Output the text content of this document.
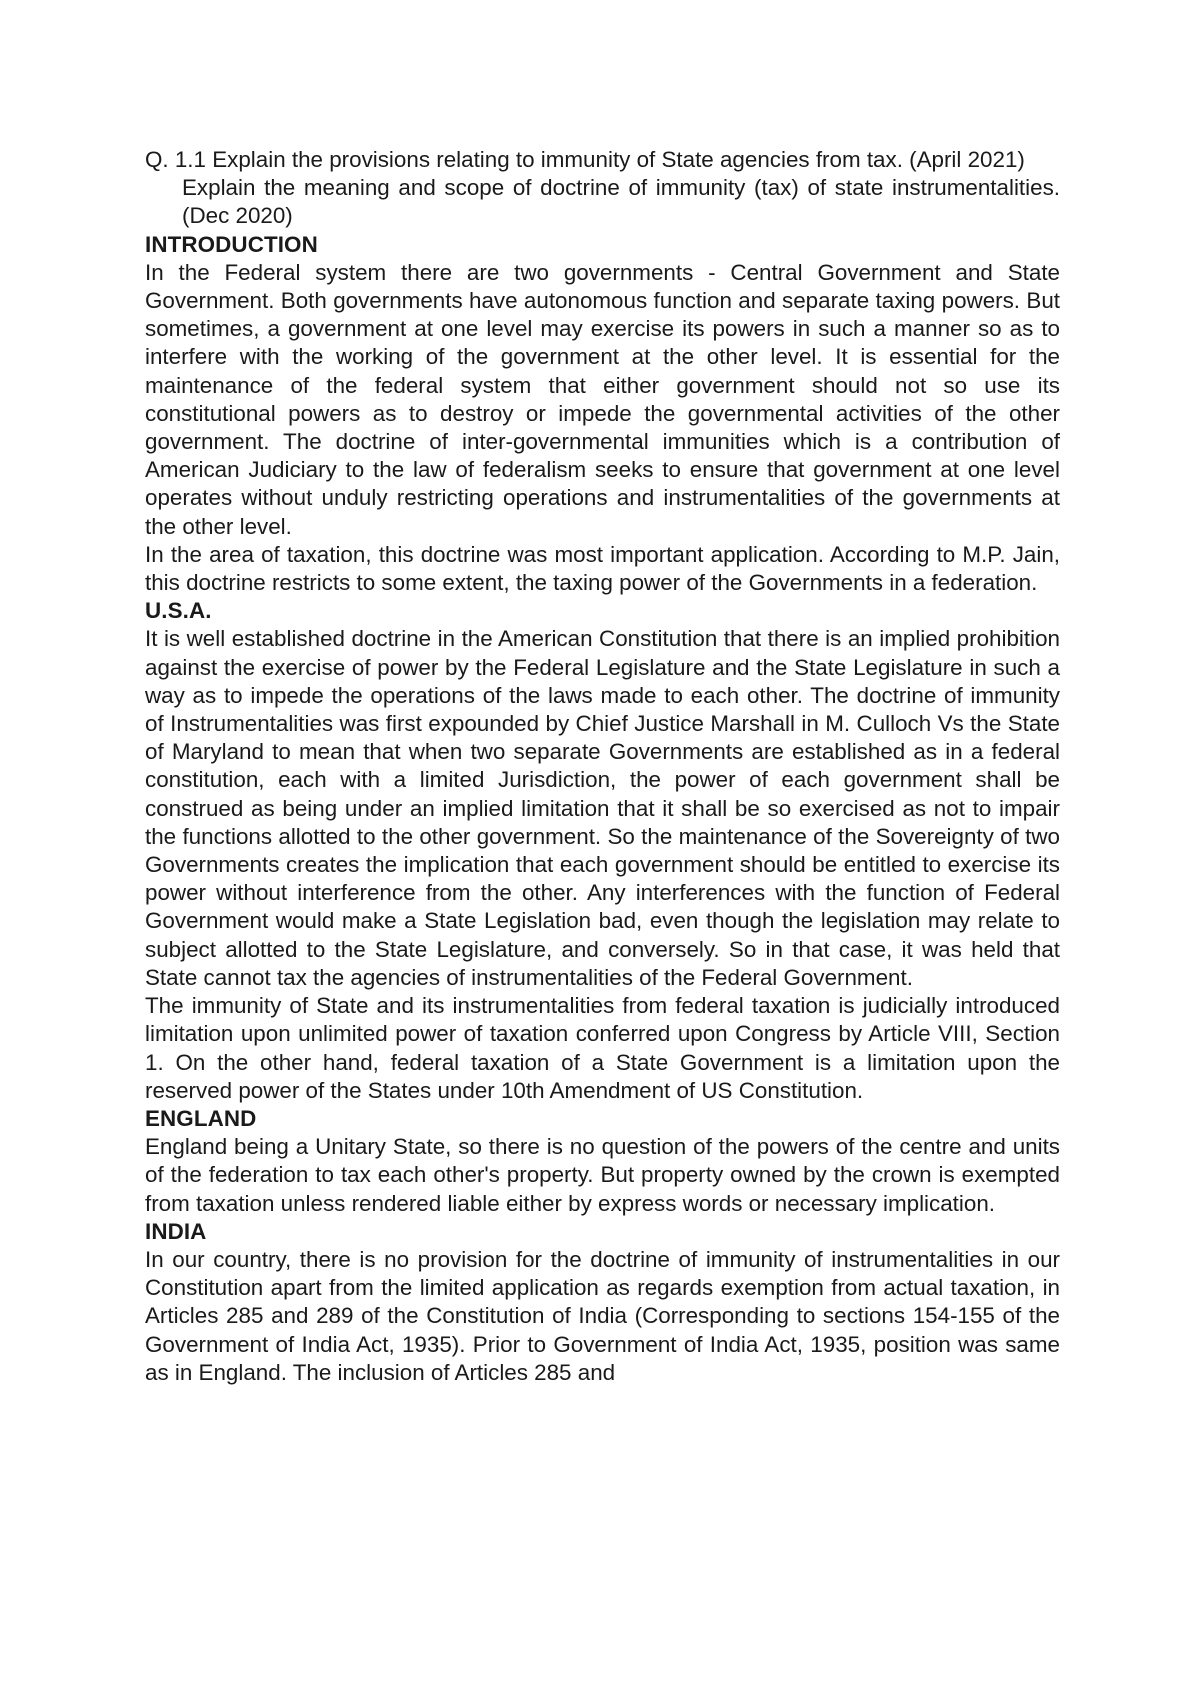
Q. 1.1 Explain the provisions relating to immunity of State agencies from tax. (April 2021)

Explain the meaning and scope of doctrine of immunity (tax) of state instrumentalities. (Dec 2020)

INTRODUCTION

In the Federal system there are two governments - Central Government and State Government. Both governments have autonomous function and separate taxing powers. But sometimes, a government at one level may exercise its powers in such a manner so as to interfere with the working of the government at the other level. It is essential for the maintenance of the federal system that either government should not so use its constitutional powers as to destroy or impede the governmental activities of the other government. The doctrine of inter-governmental immunities which is a contribution of American Judiciary to the law of federalism seeks to ensure that government at one level operates without unduly restricting operations and instrumentalities of the governments at the other level.

In the area of taxation, this doctrine was most important application. According to M.P. Jain, this doctrine restricts to some extent, the taxing power of the Governments in a federation.

U.S.A.

It is well established doctrine in the American Constitution that there is an implied prohibition against the exercise of power by the Federal Legislature and the State Legislature in such a way as to impede the operations of the laws made to each other. The doctrine of immunity of Instrumentalities was first expounded by Chief Justice Marshall in M. Culloch Vs the State of Maryland to mean that when two separate Governments are established as in a federal constitution, each with a limited Jurisdiction, the power of each government shall be construed as being under an implied limitation that it shall be so exercised as not to impair the functions allotted to the other government. So the maintenance of the Sovereignty of two Governments creates the implication that each government should be entitled to exercise its power without interference from the other. Any interferences with the function of Federal Government would make a State Legislation bad, even though the legislation may relate to subject allotted to the State Legislature, and conversely. So in that case, it was held that State cannot tax the agencies of instrumentalities of the Federal Government.

The immunity of State and its instrumentalities from federal taxation is judicially introduced limitation upon unlimited power of taxation conferred upon Congress by Article VIII, Section 1. On the other hand, federal taxation of a State Government is a limitation upon the reserved power of the States under 10th Amendment of US Constitution.

ENGLAND

England being a Unitary State, so there is no question of the powers of the centre and units of the federation to tax each other's property. But property owned by the crown is exempted from taxation unless rendered liable either by express words or necessary implication.

INDIA

In our country, there is no provision for the doctrine of immunity of instrumentalities in our Constitution apart from the limited application as regards exemption from actual taxation, in Articles 285 and 289 of the Constitution of India (Corresponding to sections 154-155 of the Government of India Act, 1935). Prior to Government of India Act, 1935, position was same as in England. The inclusion of Articles 285 and
